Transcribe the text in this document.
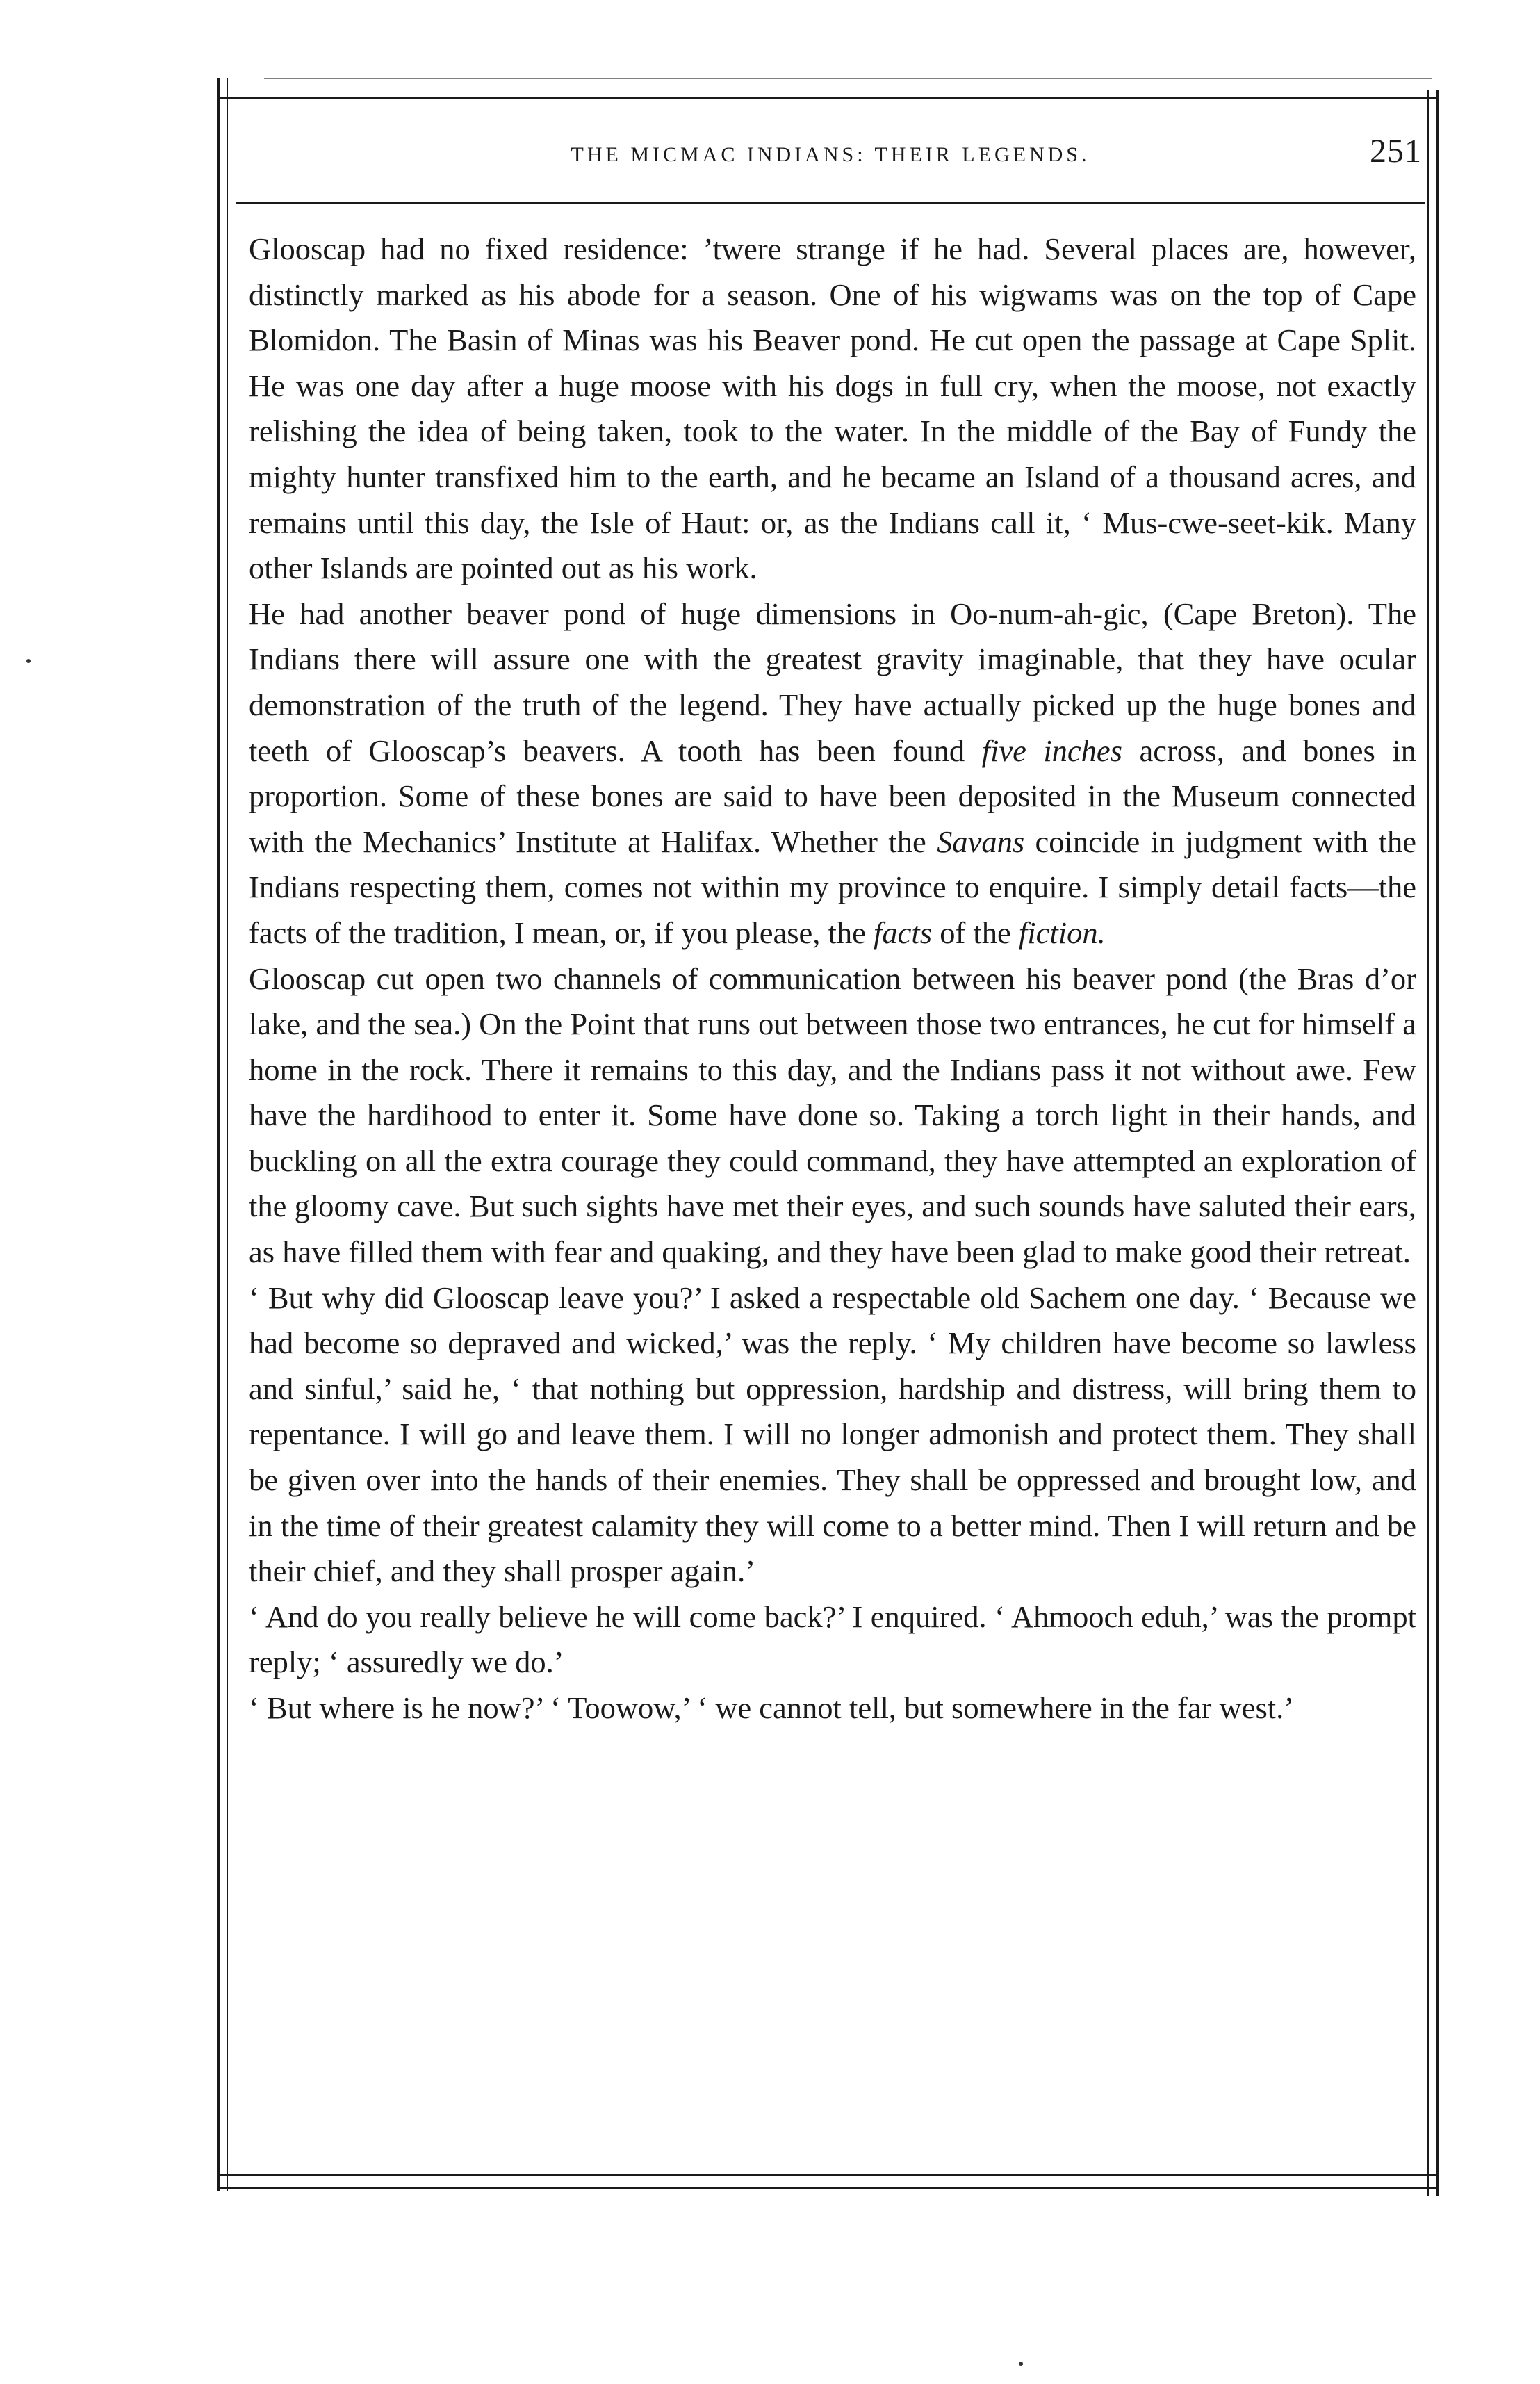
THE MICMAC INDIANS: THEIR LEGENDS.	251

Glooscap had no fixed residence: ’twere strange if he had. Several places are, however, distinctly marked as his abode for a season. One of his wigwams was on the top of Cape Blomidon. The Basin of Minas was his Beaver pond. He cut open the passage at Cape Split. He was one day after a huge moose with his dogs in full cry, when the moose, not exactly relishing the idea of being taken, took to the water. In the middle of the Bay of Fundy the mighty hunter transfixed him to the earth, and he became an Island of a thousand acres, and remains until this day, the Isle of Haut: or, as the Indians call it, ‘ Mus-cwe-seet-kik. Many other Islands are pointed out as his work.

He had another beaver pond of huge dimensions in Oo-num-ah-gic, (Cape Breton). The Indians there will assure one with the greatest gravity imaginable, that they have ocular demonstration of the truth of the legend. They have actually picked up the huge bones and teeth of Glooscap’s beavers. A tooth has been found five inches across, and bones in proportion. Some of these bones are said to have been deposited in the Museum connected with the Mechanics’ Institute at Halifax. Whether the Savans coincide in judgment with the Indians respecting them, comes not within my province to enquire. I simply detail facts—the facts of the tradition, I mean, or, if you please, the facts of the fiction.

Glooscap cut open two channels of communication between his beaver pond (the Bras d’or lake, and the sea.) On the Point that runs out between those two entrances, he cut for himself a home in the rock. There it remains to this day, and the Indians pass it not without awe. Few have the hardihood to enter it. Some have done so. Taking a torch light in their hands, and buckling on all the extra courage they could command, they have attempted an exploration of the gloomy cave. But such sights have met their eyes, and such sounds have saluted their ears, as have filled them with fear and quaking, and they have been glad to make good their retreat.

‘ But why did Glooscap leave you?’ I asked a respectable old Sachem one day. ‘ Because we had become so depraved and wicked,’ was the reply. ‘ My children have become so lawless and sinful,’ said he, ‘ that nothing but oppression, hardship and distress, will bring them to repentance. I will go and leave them. I will no longer admonish and protect them. They shall be given over into the hands of their enemies. They shall be oppressed and brought low, and in the time of their greatest calamity they will come to a better mind. Then I will return and be their chief, and they shall prosper again.’

‘ And do you really believe he will come back?’ I enquired. ‘ Ahmooch eduh,’ was the prompt reply; ‘ assuredly we do.’

‘ But where is he now?’ ‘ Toowow,’ ‘ we cannot tell, but somewhere in the far west.’
